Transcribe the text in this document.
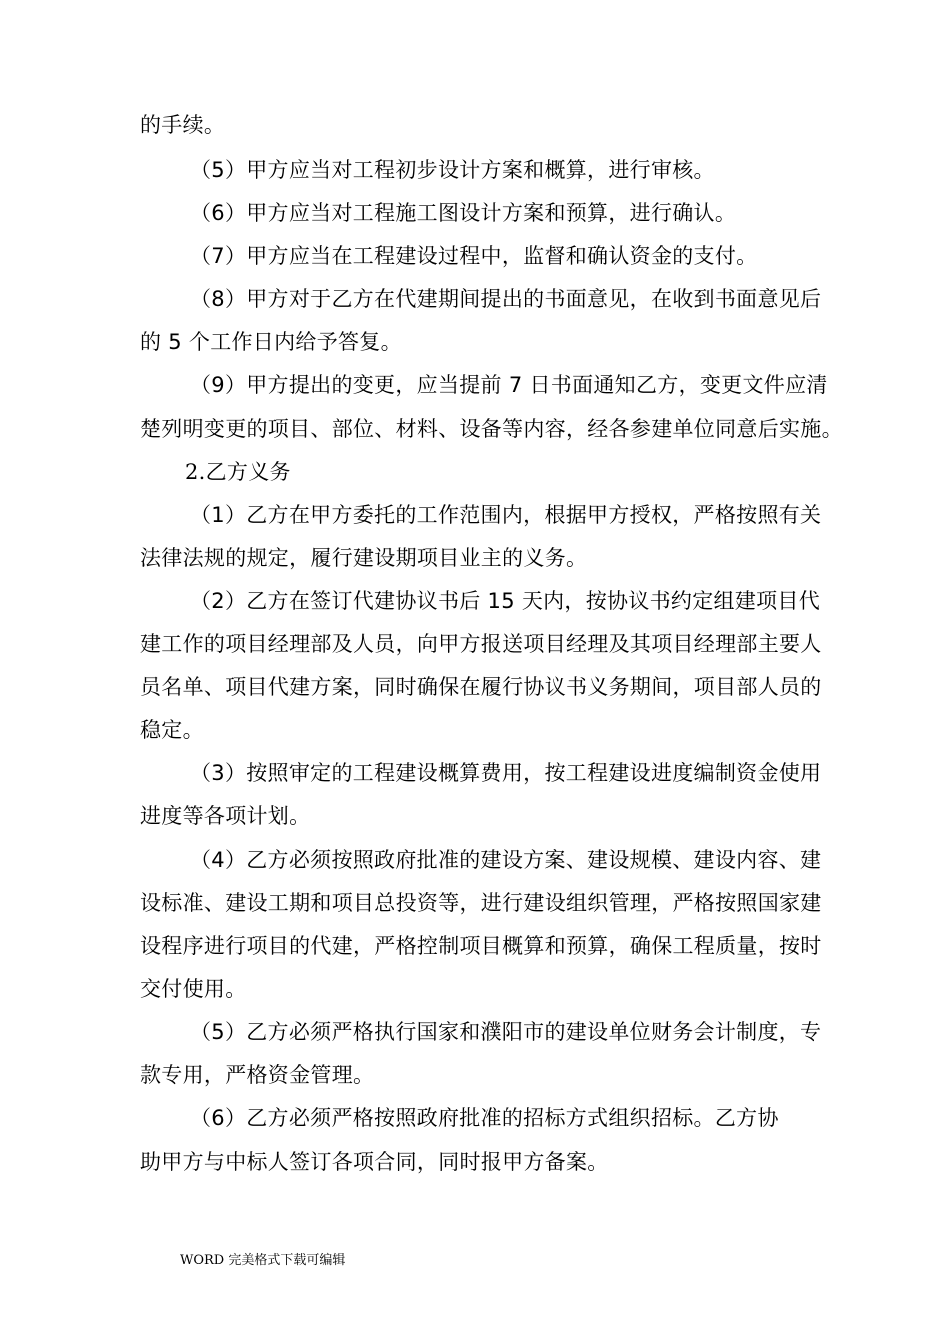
的手续。
（5）甲方应当对工程初步设计方案和概算，进行审核。
（6）甲方应当对工程施工图设计方案和预算，进行确认。
（7）甲方应当在工程建设过程中，监督和确认资金的支付。
（8）甲方对于乙方在代建期间提出的书面意见，在收到书面意见后
的 5 个工作日内给予答复。
（9）甲方提出的变更，应当提前 7 日书面通知乙方，变更文件应清
楚列明变更的项目、部位、材料、设备等内容，经各参建单位同意后实施。
2.乙方义务
（1）乙方在甲方委托的工作范围内，根据甲方授权，严格按照有关
法律法规的规定，履行建设期项目业主的义务。
（2）乙方在签订代建协议书后 15 天内，按协议书约定组建项目代
建工作的项目经理部及人员，向甲方报送项目经理及其项目经理部主要人
员名单、项目代建方案，同时确保在履行协议书义务期间，项目部人员的
稳定。
（3）按照审定的工程建设概算费用，按工程建设进度编制资金使用
进度等各项计划。
（4）乙方必须按照政府批准的建设方案、建设规模、建设内容、建
设标准、建设工期和项目总投资等，进行建设组织管理，严格按照国家建
设程序进行项目的代建，严格控制项目概算和预算，确保工程质量，按时
交付使用。
（5）乙方必须严格执行国家和濮阳市的建设单位财务会计制度，专
款专用，严格资金管理。
（6）乙方必须严格按照政府批准的招标方式组织招标。乙方协
助甲方与中标人签订各项合同，同时报甲方备案。
WORD 完美格式下载可编辑
